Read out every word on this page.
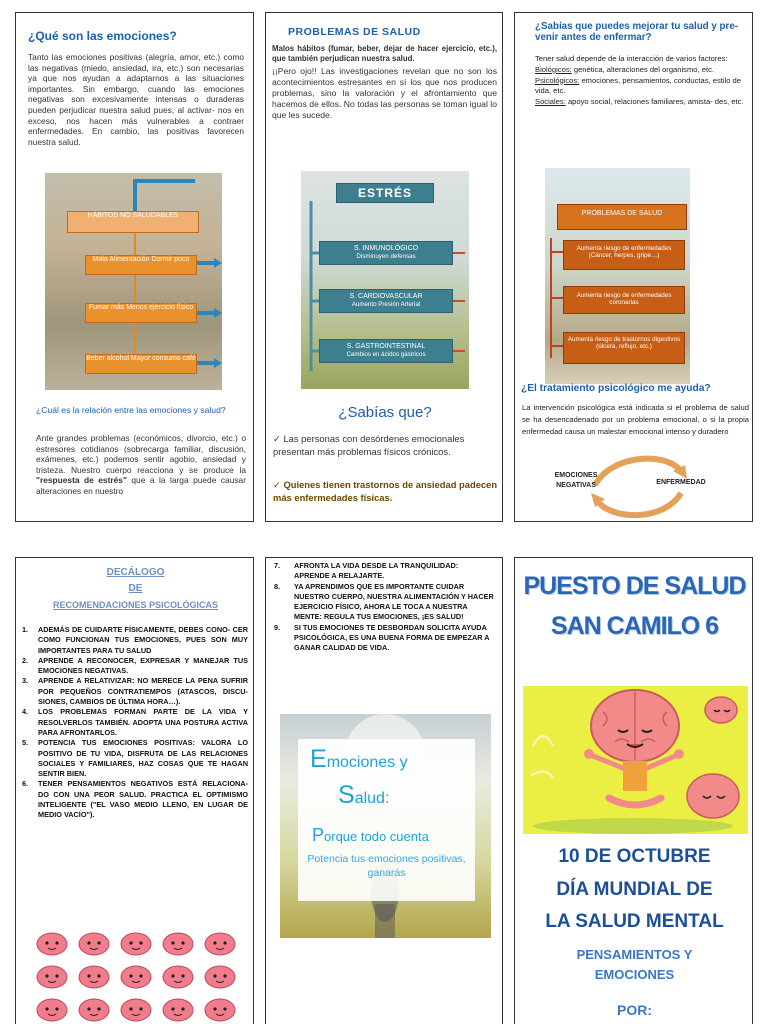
¿Qué son las emociones?
Tanto las emociones positivas (alegría, amor, etc.) como las negativas (miedo, ansiedad, ira, etc.) son necesarias ya que nos ayudan a adaptarnos a las situaciones importantes. Sin embargo, cuando las emociones negativas son excesivamente intensas o duraderas pueden perjudicar nuestra salud pues, al activar- nos en exceso, nos hacen más vulnerables a contraer enfermedades. En cambio, las positivas favorecen nuestra salud.
HÁBITOS NO SALUDABLES
Mala Alimentación Dormir poco
Fumar más Menos ejercicio físico
Beber alcohol Mayor consumo café
¿Cuál es la relación entre las emociones y salud?
Ante grandes problemas (económicos, divorcio, etc.) o estresores cotidianos (sobrecarga familiar, discusión, exámenes, etc.) podemos sentir agobio, ansiedad y tristeza. Nuestro cuerpo reacciona y se produce la "respuesta de estrés" que a la larga puede causar alteraciones en nuestro
PROBLEMAS DE SALUD
Malos hábitos (fumar, beber, dejar de hacer ejercicio, etc.), que también perjudican nuestra salud.
¡¡Pero ojo!! Las investigaciones revelan que no son los acontecimientos estresantes en sí los que nos producen problemas, sino la valoración y el afrontamiento que hacemos de ellos. No todas las personas se toman igual lo que les sucede.
ESTRÉS
S. INMUNOLÓGICO
Disminuyen defensas
S. CARDIOVASCULAR
Aumento Presión Arterial
S. GASTROINTESTINAL
Cambios en ácidos gástricos
¿Sabías que?
✓ Las personas con desórdenes emocionales presentan más problemas físicos crónicos.
✓ Quienes tienen trastornos de ansiedad padecen más enfermedades físicas.
¿Sabías que puedes mejorar tu salud y pre- venir antes de enfermar?
Tener salud depende de la interacción de varios factores:
Biológicos: genética, alteraciones del organismo, etc.
Psicológicos: emociones, pensamientos, conductas, estilo de vida, etc.
Sociales: apoyo social, relaciones familiares, amista- des, etc.
PROBLEMAS DE SALUD
Aumenta riesgo de enfermedades (Cáncer, herpes, gripe…)
Aumenta riesgo de enfermedades coronarias
Aumenta riesgo de trastornos digestivos (úlcera, reflujo, etc.)
¿El tratamiento psicológico me ayuda?
La intervención psicológica está indicada si el problema de salud se ha desencadenado por un problema emocional, o si la propia enfermedad causa un malestar emocional intenso y duradero
EMOCIONES NEGATIVAS	ENFERMEDAD
DECÁLOGO
DE
RECOMENDACIONES PSICOLÓGICAS
1. ADEMÁS DE CUIDARTE FÍSICAMENTE, DEBES CONO- CER COMO FUNCIONAN TUS EMOCIONES, PUES SON MUY IMPORTANTES PARA TU SALUD
2. APRENDE A RECONOCER, EXPRESAR Y MANEJAR TUS EMOCIONES NEGATIVAS.
3. APRENDE A RELATIVIZAR: NO MERECE LA PENA SUFRIR POR PEQUEÑOS CONTRATIEMPOS (ATASCOS, DISCU- SIONES, CAMBIOS DE ÚLTIMA HORA…).
4. LOS PROBLEMAS FORMAN PARTE DE LA VIDA Y RESOLVERLOS TAMBIÉN. ADOPTA UNA POSTURA ACTIVA PARA AFRONTARLOS.
5. POTENCIA TUS EMOCIONES POSITIVAS: VALORA LO POSITIVO DE TU VIDA, DISFRUTA DE LAS RELACIONES SOCIALES Y FAMILIARES, HAZ COSAS QUE TE HAGAN SENTIR BIEN.
6. TENER PENSAMIENTOS NEGATIVOS ESTÁ RELACIONA- DO CON UNA PEOR SALUD. PRACTICA EL OPTIMISMO INTELIGENTE ("EL VASO MEDIO LLENO, EN LUGAR DE MEDIO VACÍO").
7. AFRONTA LA VIDA DESDE LA TRANQUILIDAD: APRENDE A RELAJARTE.
8. YA APRENDIMOS QUE ES IMPORTANTE CUIDAR NUESTRO CUERPO, NUESTRA ALIMENTACIÓN Y HACER EJERCICIO FÍSICO, AHORA LE TOCA A NUESTRA MENTE: REGULA TUS EMOCIONES, ¡ES SALUD!
9. SI TUS EMOCIONES TE DESBORDAN SOLICITA AYUDA PSICOLÓGICA, ES UNA BUENA FORMA DE EMPEZAR A GANAR CALIDAD DE VIDA.
Emociones y
Salud:
Porque todo cuenta
Potencia tus emociones positivas, ganarás
PUESTO DE SALUD
SAN CAMILO 6
10 DE OCTUBRE
DÍA MUNDIAL DE
LA SALUD MENTAL
PENSAMIENTOS Y EMOCIONES
POR:
